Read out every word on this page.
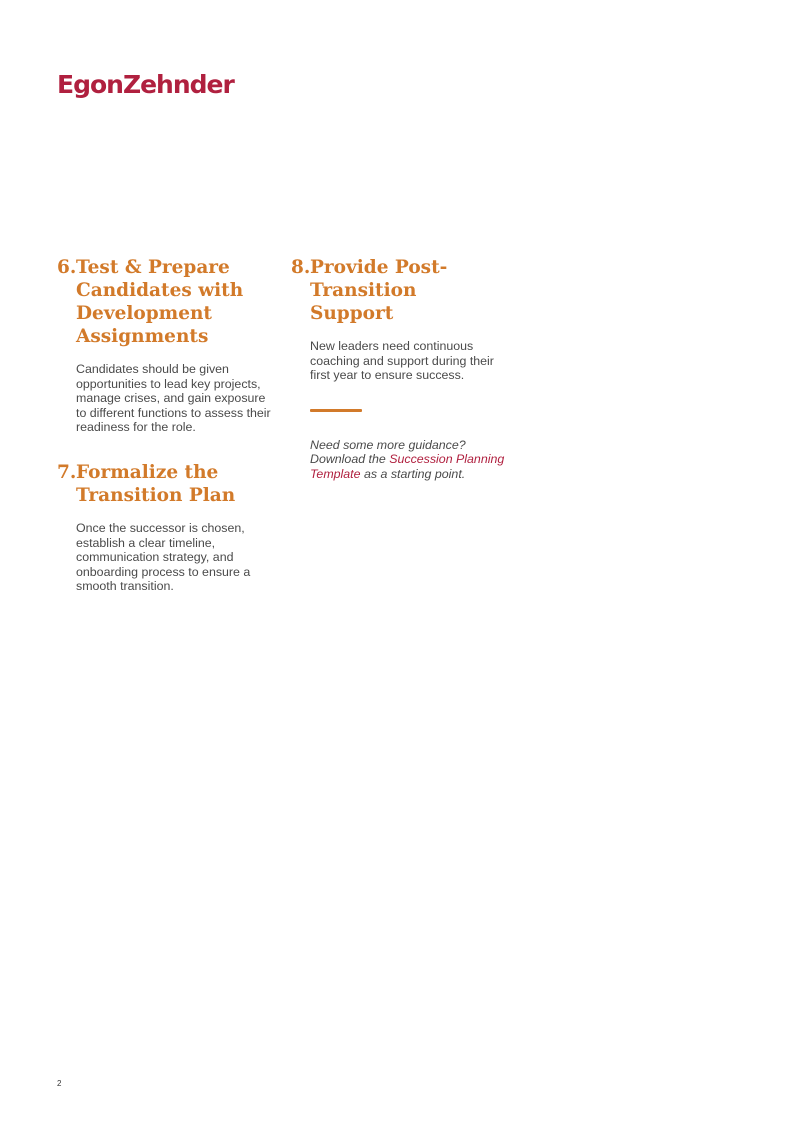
EgonZehnder
6. Test & Prepare Candidates with Development Assignments
Candidates should be given opportunities to lead key projects, manage crises, and gain exposure to different functions to assess their readiness for the role.
7. Formalize the Transition Plan
Once the successor is chosen, establish a clear timeline, communication strategy, and onboarding process to ensure a smooth transition.
8. Provide Post-Transition Support
New leaders need continuous coaching and support during their first year to ensure success.
Need some more guidance? Download the Succession Planning Template as a starting point.
2
